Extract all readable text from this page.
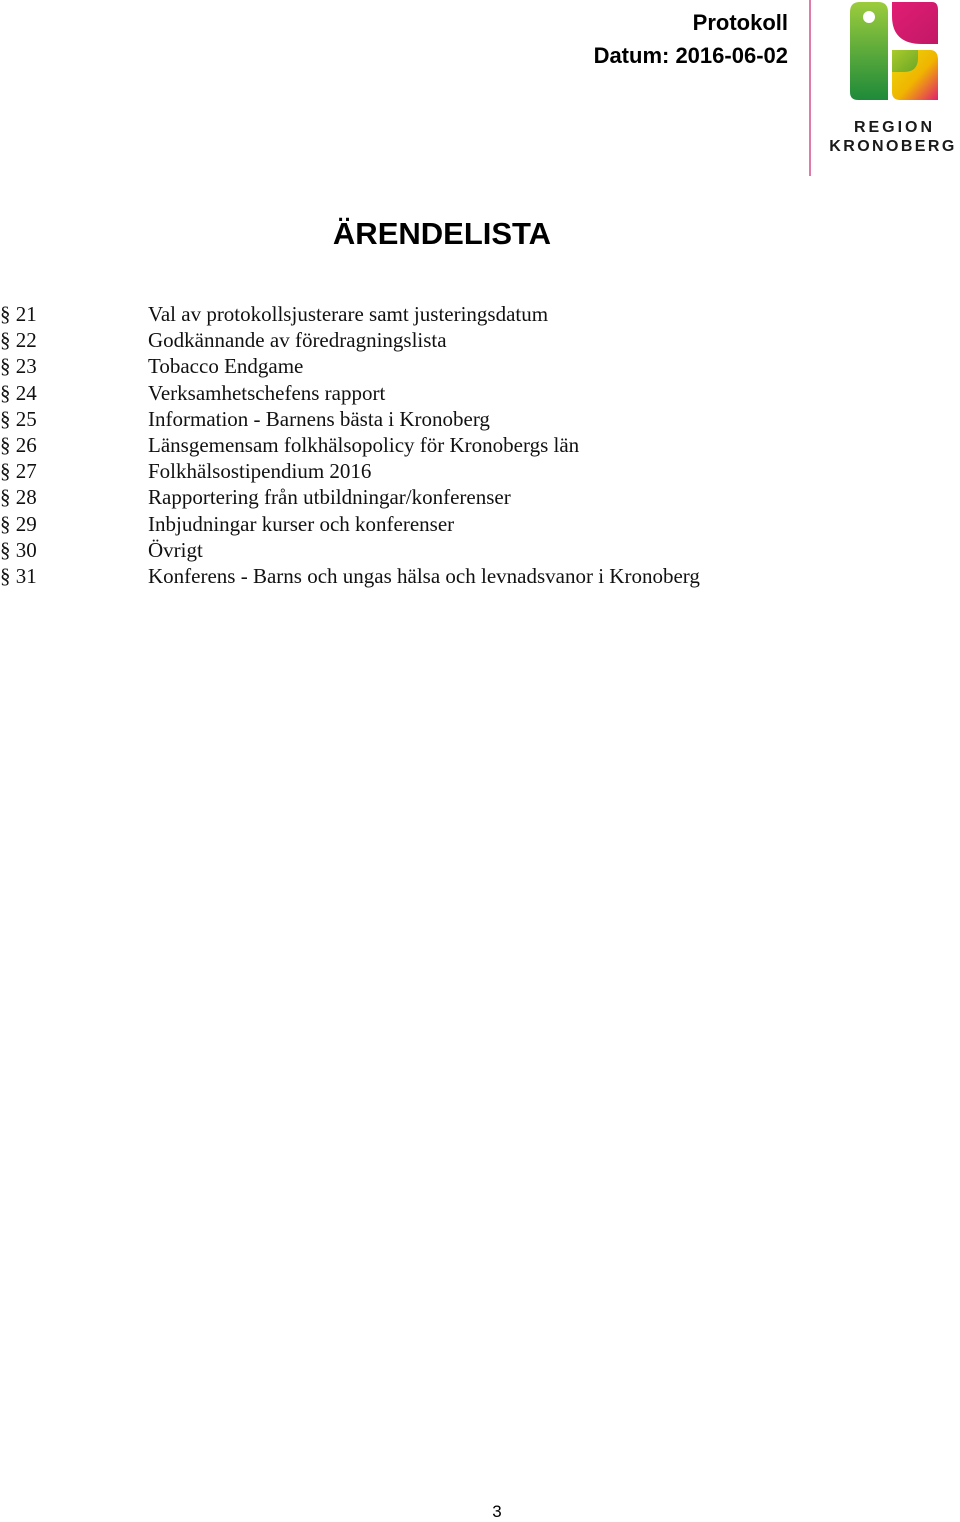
Protokoll
Datum: 2016-06-02
REGION
KRONOBERG
ÄRENDELISTA
§ 21	Val av protokollsjusterare samt justeringsdatum
§ 22	Godkännande av föredragningslista
§ 23	Tobacco Endgame
§ 24	Verksamhetschefens rapport
§ 25	Information - Barnens bästa i Kronoberg
§ 26	Länsgemensam folkhälsopolicy för Kronobergs län
§ 27	Folkhälsostipendium 2016
§ 28	Rapportering från utbildningar/konferenser
§ 29	Inbjudningar kurser och konferenser
§ 30	Övrigt
§ 31	Konferens - Barns och ungas hälsa och levnadsvanor i Kronoberg
3
